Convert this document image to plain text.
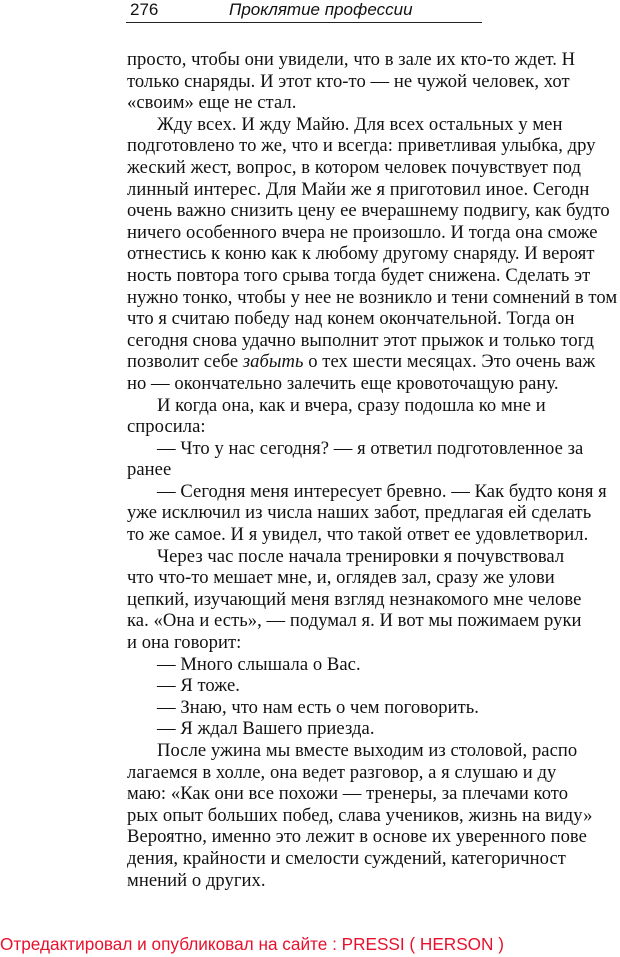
276	Проклятие профессии
просто, чтобы они увидели, что в зале их кто-то ждет. Н
только снаряды. И этот кто-то — не чужой человек, хот
«своим» еще не стал.
Жду всех. И жду Майю. Для всех остальных у мен
подготовлено то же, что и всегда: приветливая улыбка, дру
жеский жест, вопрос, в котором человек почувствует под
линный интерес. Для Майи же я приготовил иное. Сегодн
очень важно снизить цену ее вчерашнему подвигу, как будто
ничего особенного вчера не произошло. И тогда она сможе
отнестись к коню как к любому другому снаряду. И вероят
ность повтора того срыва тогда будет снижена. Сделать эт
нужно тонко, чтобы у нее не возникло и тени сомнений в том
что я считаю победу над конем окончательной. Тогда он
сегодня снова удачно выполнит этот прыжок и только тогд
позволит себе забыть о тех шести месяцах. Это очень важ
но — окончательно залечить еще кровоточащую рану.
И когда она, как и вчера, сразу подошла ко мне и
спросила:
— Что у нас сегодня? — я ответил подготовленное за
ранее
— Сегодня меня интересует бревно. — Как будто коня я
уже исключил из числа наших забот, предлагая ей сделать
то же самое. И я увидел, что такой ответ ее удовлетворил.
Через час после начала тренировки я почувствовал
что что-то мешает мне, и, оглядев зал, сразу же улови
цепкий, изучающий меня взгляд незнакомого мне челове
ка. «Она и есть», — подумал я. И вот мы пожимаем руки
и она говорит:
— Много слышала о Вас.
— Я тоже.
— Знаю, что нам есть о чем поговорить.
— Я ждал Вашего приезда.
После ужина мы вместе выходим из столовой, распо
лагаемся в холле, она ведет разговор, а я слушаю и ду
маю: «Как они все похожи — тренеры, за плечами кото
рых опыт больших побед, слава учеников, жизнь на виду»
Вероятно, именно это лежит в основе их уверенного пове
дения, крайности и смелости суждений, категоричност
мнений о других.
Отредактировал и опубликовал на сайте : PRESSI ( HERSON )
